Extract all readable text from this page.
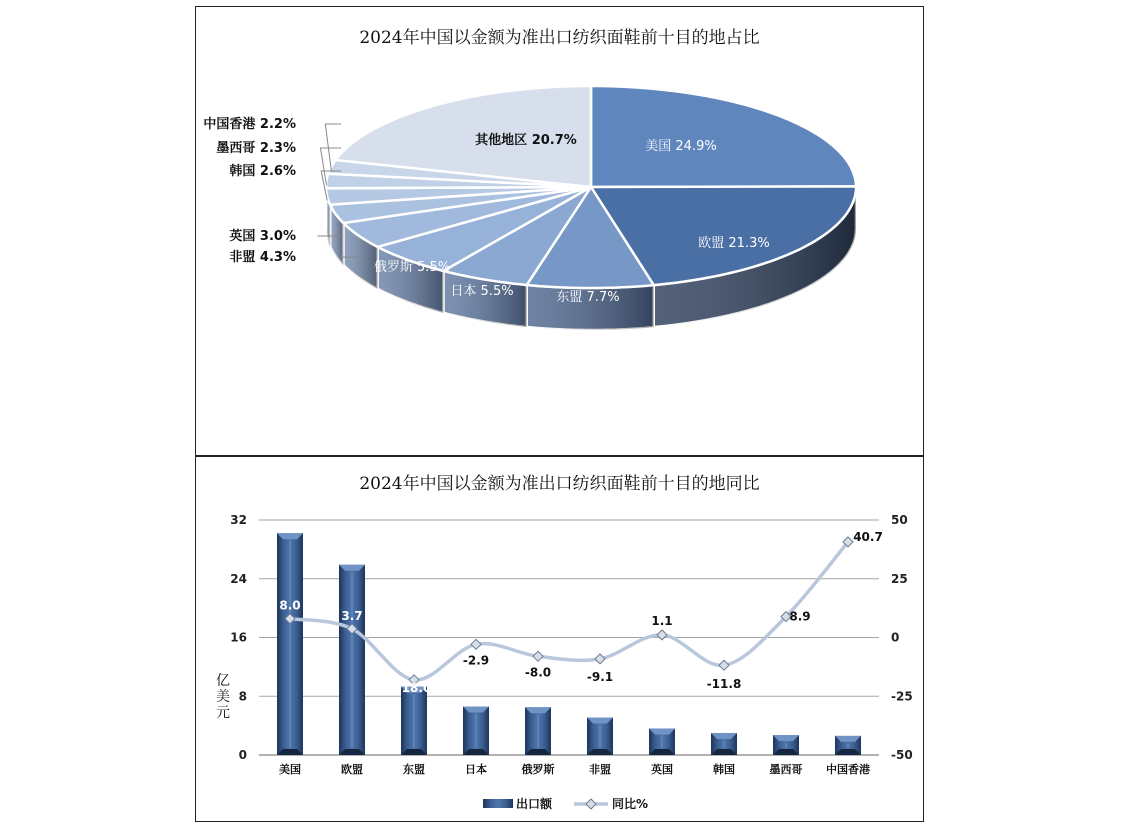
2024年中国以金额为准出口纺织面鞋前十目的地占比
美国 24.9%
欧盟 21.3%
东盟 7.7%
日本 5.5%
俄罗斯 5.5%
非盟 4.3%
英国 3.0%
韩国 2.6%
墨西哥 2.3%
中国香港 2.2%
其他地区 20.7%
2024年中国以金额为准出口纺织面鞋前十目的地同比
0
8
16
24
32
-50
-25
0
25
50
亿美元
美国	欧盟	东盟	日本	俄罗斯	非盟	英国	韩国	墨西哥 中国香港
8.0
3.7
-18.0
-2.9
-8.0	-9.1
1.1
-11.8
8.9
40.7
出口额	同比%
